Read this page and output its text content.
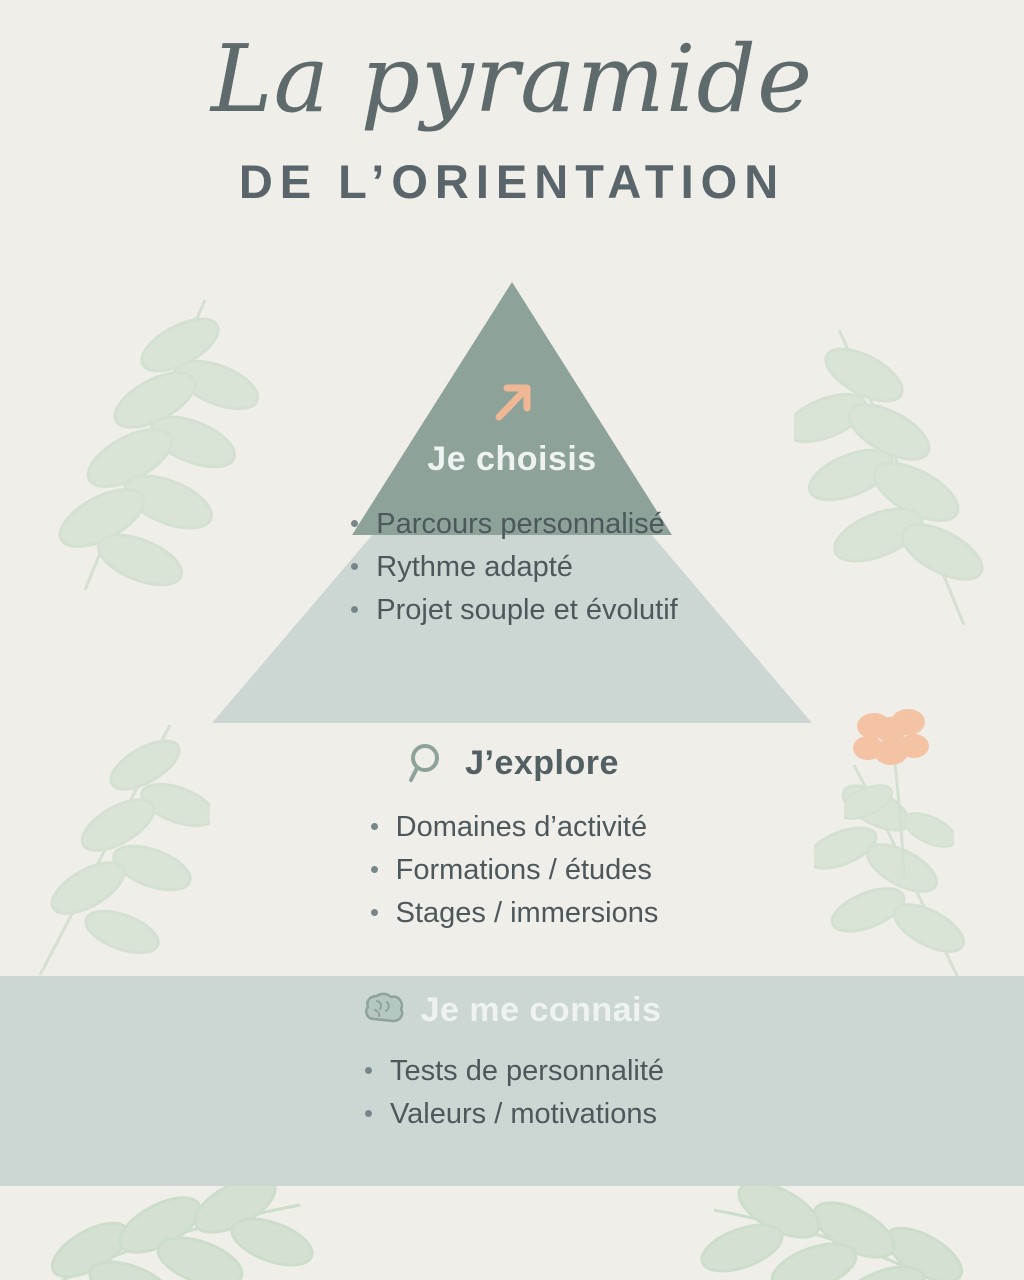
La pyramide
DE L’ORIENTATION
Je choisis
Parcours personnalisé
Rythme adapté
Projet souple et évolutif
J’explore
Domaines d’activité
Formations / études
Stages / immersions
Je me connais
Tests de personnalité
Valeurs / motivations
